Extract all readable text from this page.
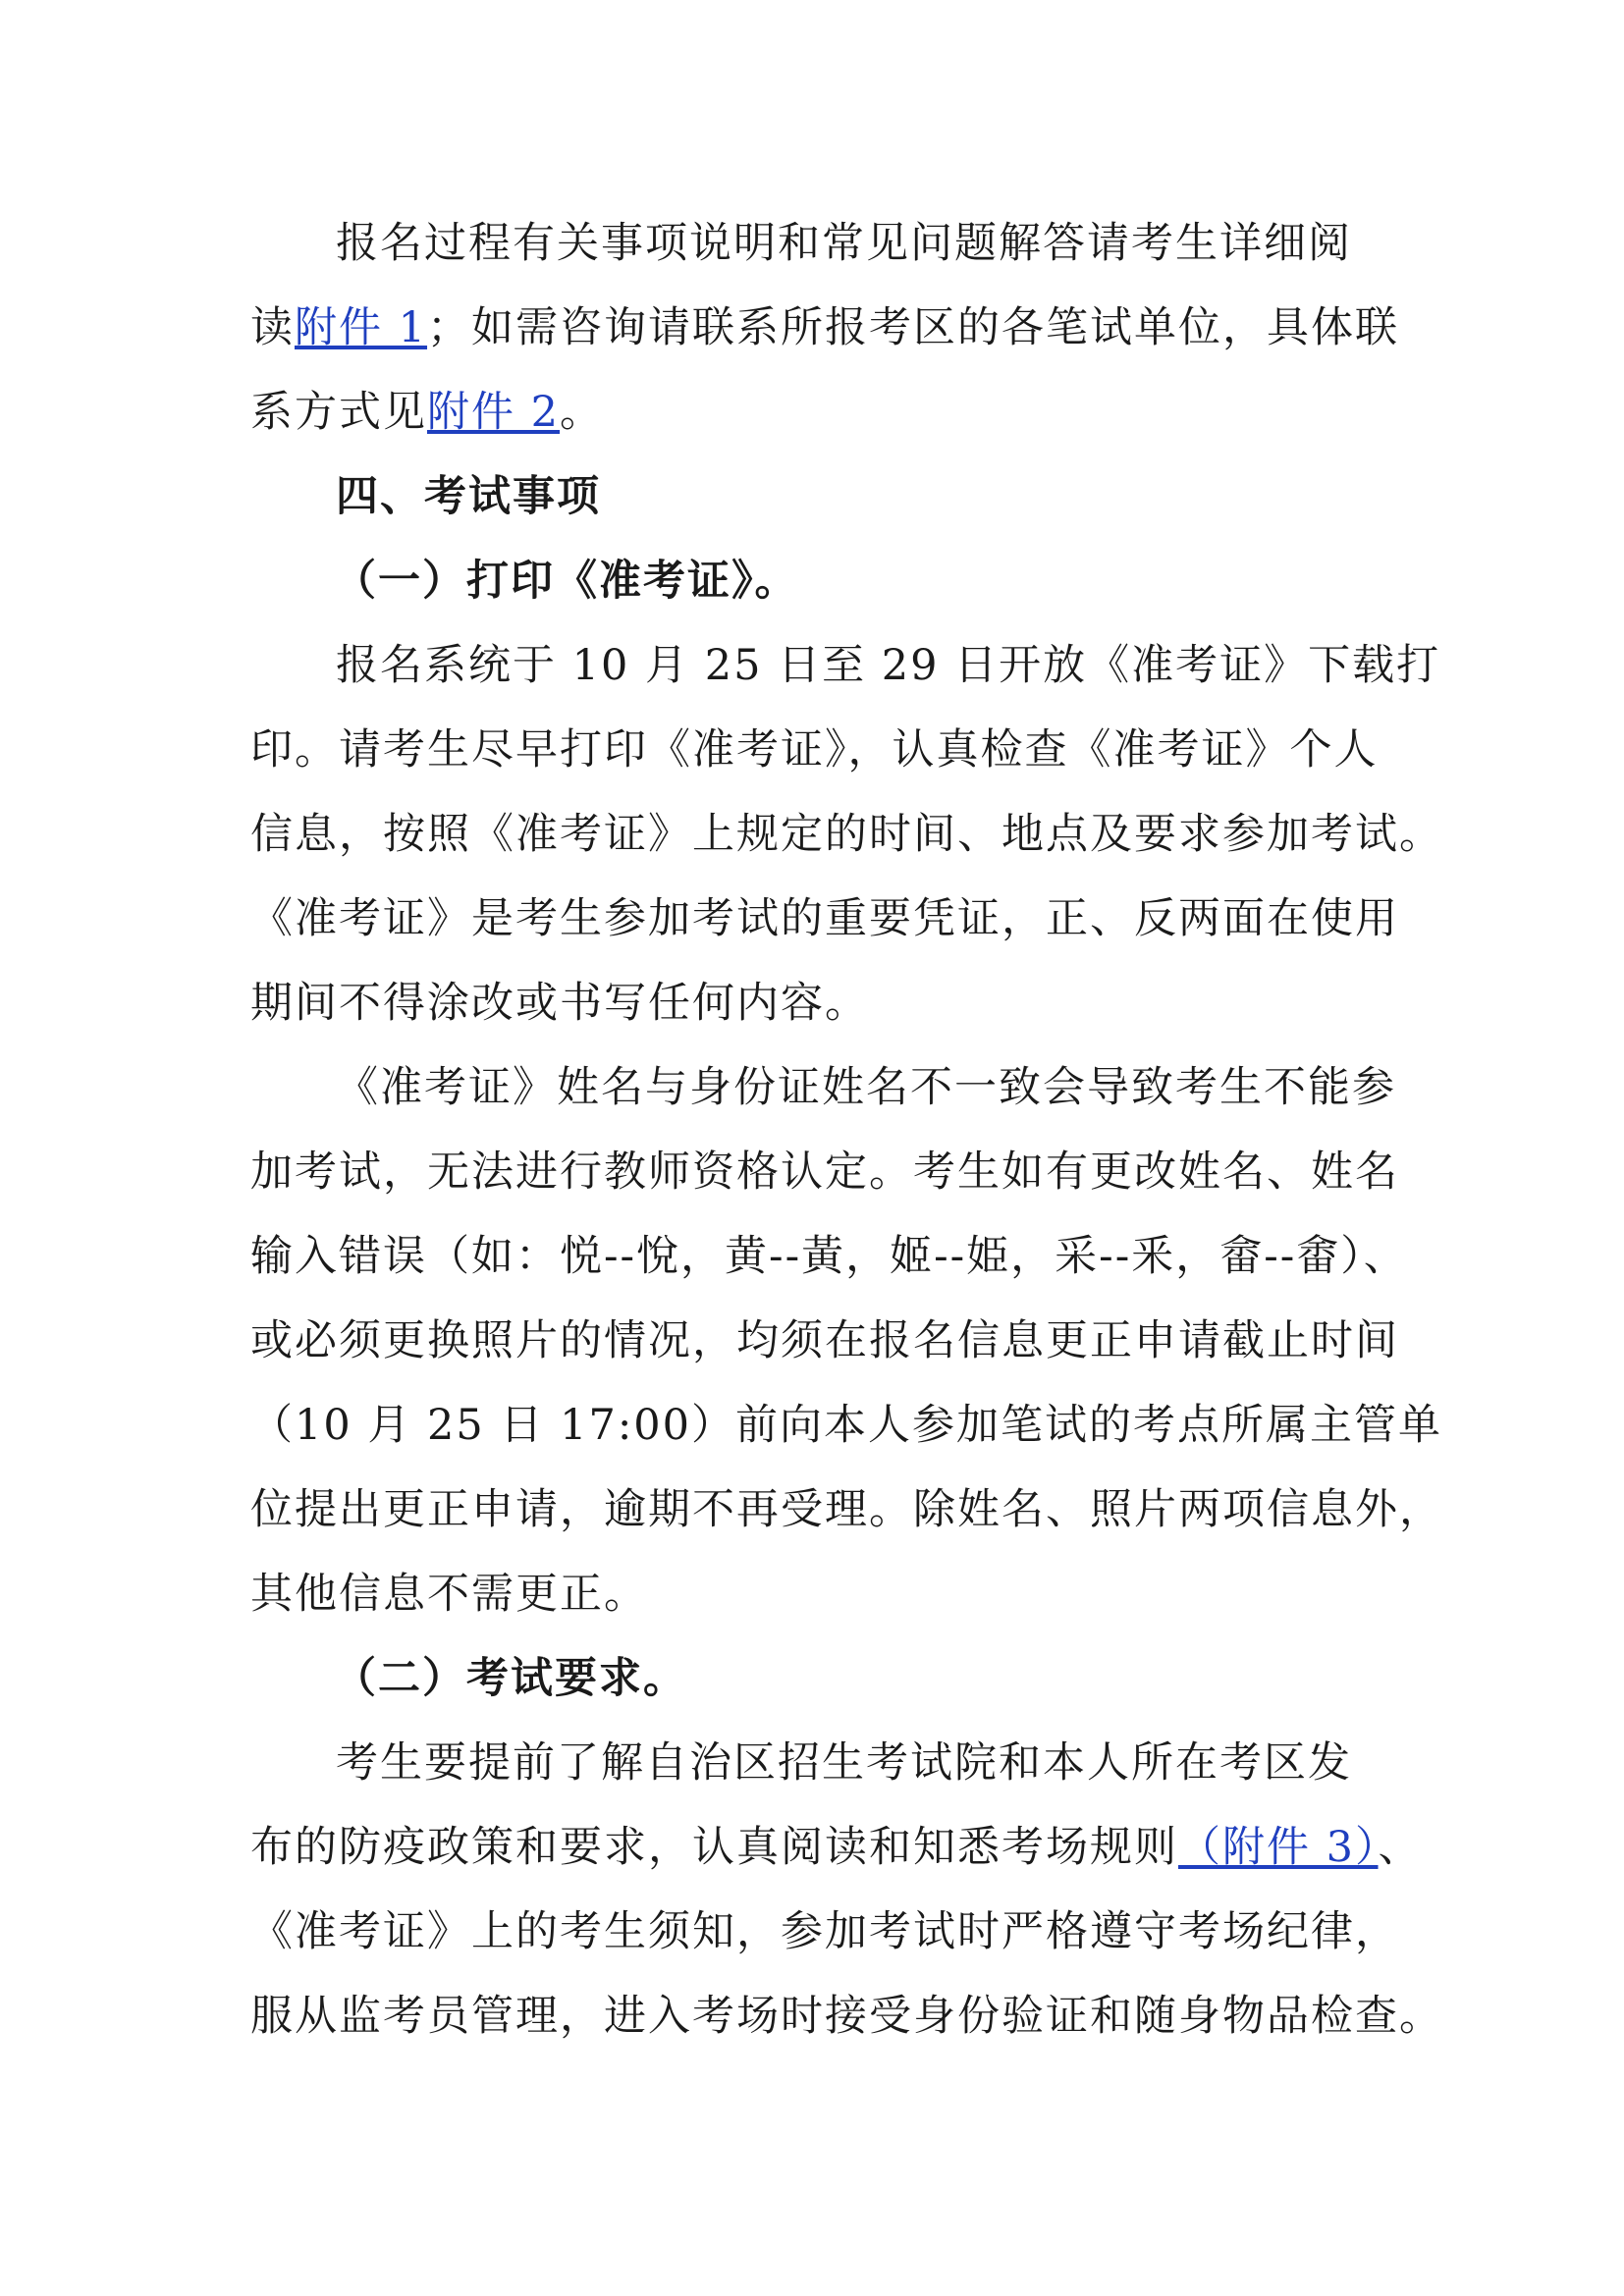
报名过程有关事项说明和常见问题解答请考生详细阅
读附件 1；如需咨询请联系所报考区的各笔试单位，具体联
系方式见附件 2。
四、考试事项
（一）打印《准考证》。
报名系统于 10 月 25 日至 29 日开放《准考证》下载打
印。请考生尽早打印《准考证》，认真检查《准考证》个人
信息，按照《准考证》上规定的时间、地点及要求参加考试。
《准考证》是考生参加考试的重要凭证，正、反两面在使用
期间不得涂改或书写任何内容。
《准考证》姓名与身份证姓名不一致会导致考生不能参
加考试，无法进行教师资格认定。考生如有更改姓名、姓名
输入错误（如：悦--悅，黄--黃，姬--姫，采--釆，畲--畬）、
或必须更换照片的情况，均须在报名信息更正申请截止时间
（10 月 25 日 17:00）前向本人参加笔试的考点所属主管单
位提出更正申请，逾期不再受理。除姓名、照片两项信息外，
其他信息不需更正。
（二）考试要求。
考生要提前了解自治区招生考试院和本人所在考区发
布的防疫政策和要求，认真阅读和知悉考场规则（附件 3）、
《准考证》上的考生须知，参加考试时严格遵守考场纪律，
服从监考员管理，进入考场时接受身份验证和随身物品检查。
